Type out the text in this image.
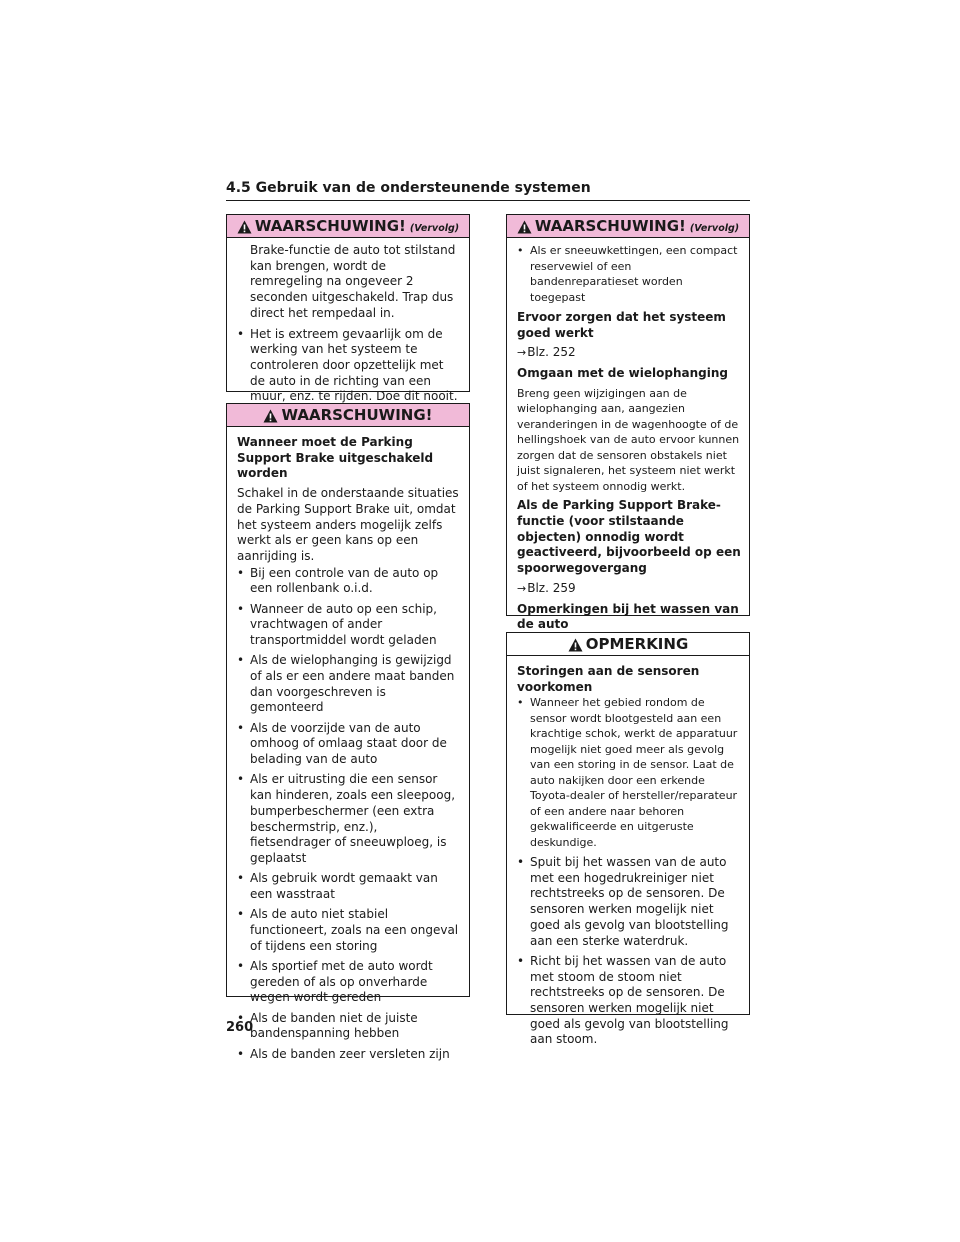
4.5 Gebruik van de ondersteunende systemen
WAARSCHUWING! (Vervolg)

Brake-functie de auto tot stilstand kan brengen, wordt de remregeling na ongeveer 2 seconden uitgeschakeld. Trap dus direct het rempedaal in.

• Het is extreem gevaarlijk om de werking van het systeem te controleren door opzettelijk met de auto in de richting van een muur, enz. te rijden. Doe dit nooit.
WAARSCHUWING!

Wanneer moet de Parking Support Brake uitgeschakeld worden

Schakel in de onderstaande situaties de Parking Support Brake uit, omdat het systeem anders mogelijk zelfs werkt als er geen kans op een aanrijding is.

• Bij een controle van de auto op een rollenbank o.i.d.
• Wanneer de auto op een schip, vrachtwagen of ander transportmiddel wordt geladen
• Als de wielophanging is gewijzigd of als er een andere maat banden dan voorgeschreven is gemonteerd
• Als de voorzijde van de auto omhoog of omlaag staat door de belading van de auto
• Als er uitrusting die een sensor kan hinderen, zoals een sleepoog, bumperbeschermer (een extra beschermstrip, enz.), fietsendrager of sneeuwploeg, is geplaatst
• Als gebruik wordt gemaakt van een wasstraat
• Als de auto niet stabiel functioneert, zoals na een ongeval of tijdens een storing
• Als sportief met de auto wordt gereden of als op onverharde wegen wordt gereden
• Als de banden niet de juiste bandenspanning hebben
• Als de banden zeer versleten zijn
WAARSCHUWING! (Vervolg)
• Als er sneeuwkettingen, een compact reservewiel of een bandenreparatieset worden toegepast

Ervoor zorgen dat het systeem goed werkt

→Blz. 252

Omgaan met de wielophanging

Breng geen wijzigingen aan de wielophanging aan, aangezien veranderingen in de wagenhoogte of de hellingshoek van de auto ervoor kunnen zorgen dat de sensoren obstakels niet juist signaleren, het systeem niet werkt of het systeem onnodig werkt.

Als de Parking Support Brake-functie (voor stilstaande objecten) onnodig wordt geactiveerd, bijvoorbeeld op een spoorwegovergang

→Blz. 259

Opmerkingen bij het wassen van de auto

OPMERKING

Storingen aan de sensoren voorkomen

• Wanneer het gebied rondom de sensor wordt blootgesteld aan een krachtige schok, werkt de apparatuur mogelijk niet goed meer als gevolg van een storing in de sensor. Laat de auto nakijken door een erkende Toyota-dealer of hersteller/reparateur of een andere naar behoren gekwalificeerde en uitgeruste deskundige.
• Spuit bij het wassen van de auto met een hogedrukreiniger niet rechtstreeks op de sensoren. De sensoren werken mogelijk niet goed als gevolg van blootstelling aan een sterke waterdruk.
• Richt bij het wassen van de auto met stoom de stoom niet rechtstreeks op de sensoren. De sensoren werken mogelijk niet goed als gevolg van blootstelling aan stoom.
260
